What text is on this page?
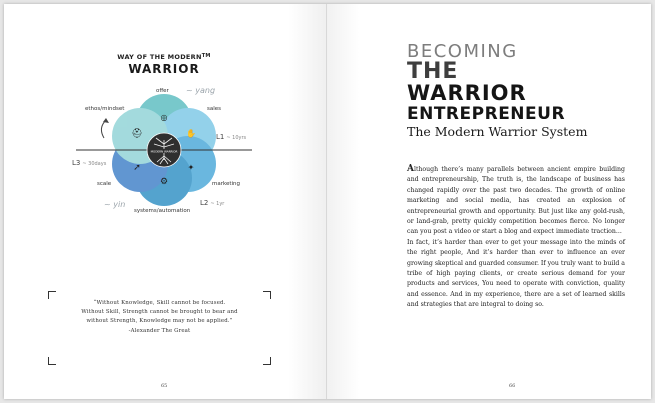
WAY OF THE MODERN™
WARRIOR
MODERN WARRIOR
⛑	✋
✦
⚙
➚
◎
offer ~ yang
sales
ethos/mindset
L1 ~ 10yrs
L3 ~ 30days
scale	marketing
L2 ~ 1yr
~ yin
systems/automation

“Without Knowledge, Skill cannot be focused.

Without Skill, Strength cannot be brought to bear and

without Strength, Knowledge may not be applied.”

-Alexander The Great

65
BECOMING
THE
WARRIOR
ENTREPRENEUR
The Modern Warrior System

Although there’s many parallels between ancient empire building and entrepreneurship, The truth is, the landscape of business has changed rapidly over the past two decades. The growth of online marketing and social media, has created an explosion of entrepreneurial growth and opportunity. But just like any gold-rush, or land-grab, pretty quickly competition becomes fierce. No longer can you post a video or start a blog and expect immediate traction...

In fact, it’s harder than ever to get your message into the minds of the right people, And it’s harder than ever to influence an ever growing skeptical and guarded consumer. If you truly want to build a tribe of high paying clients, or create serious demand for your products and services, You need to operate with conviction, quality and essence. And in my experience, there are a set of learned skills and strategies that are integral to doing so.

66
